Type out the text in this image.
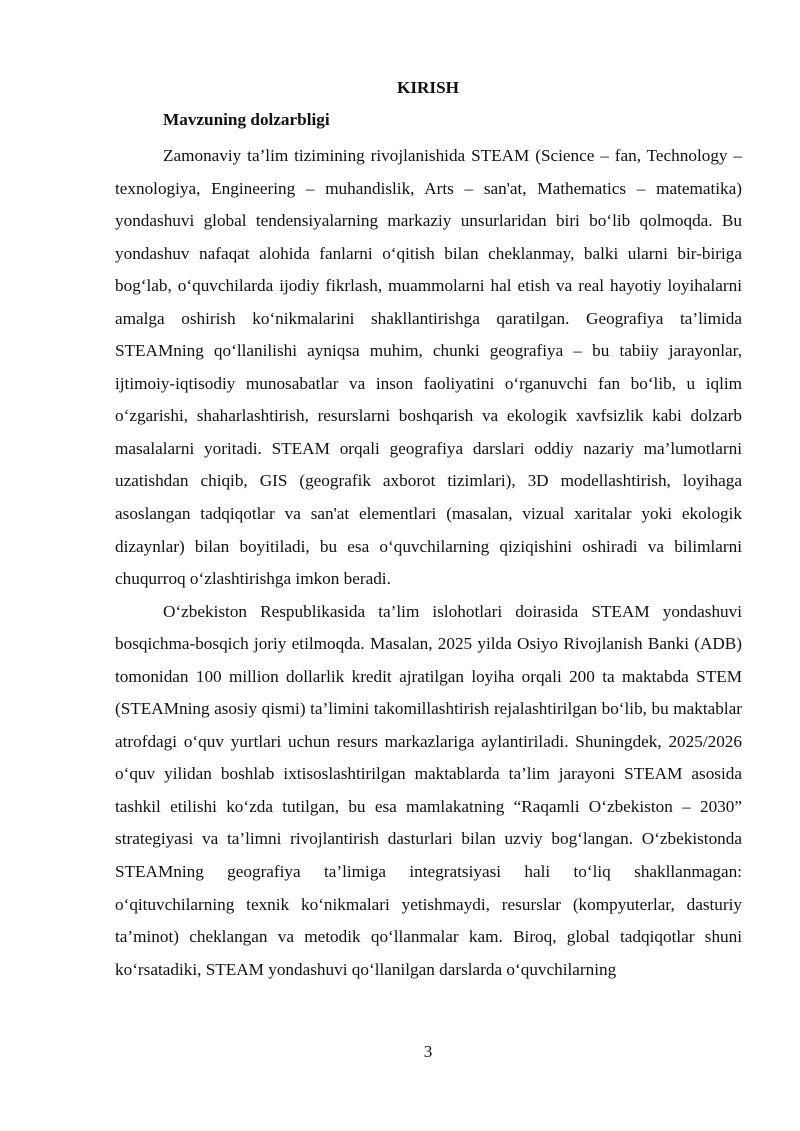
KIRISH
Mavzuning dolzarbligi

Zamonaviy ta’lim tizimining rivojlanishida STEAM (Science – fan, Technology – texnologiya, Engineering – muhandislik, Arts – san'at, Mathematics – matematika) yondashuvi global tendensiyalarning markaziy unsurlaridan biri bo‘lib qolmoqda. Bu yondashuv nafaqat alohida fanlarni o‘qitish bilan cheklanmay, balki ularni bir-biriga bog‘lab, o‘quvchilarda ijodiy fikrlash, muammolarni hal etish va real hayotiy loyihalarni amalga oshirish ko‘nikmalarini shakllantirishga qaratilgan. Geografiya ta’limida STEAMning qo‘llanilishi ayniqsa muhim, chunki geografiya – bu tabiiy jarayonlar, ijtimoiy-iqtisodiy munosabatlar va inson faoliyatini o‘rganuvchi fan bo‘lib, u iqlim o‘zgarishi, shaharlashtirish, resurslarni boshqarish va ekologik xavfsizlik kabi dolzarb masalalarni yoritadi. STEAM orqali geografiya darslari oddiy nazariy ma’lumotlarni uzatishdan chiqib, GIS (geografik axborot tizimlari), 3D modellashtirish, loyihaga asoslangan tadqiqotlar va san'at elementlari (masalan, vizual xaritalar yoki ekologik dizaynlar) bilan boyitiladi, bu esa o‘quvchilarning qiziqishini oshiradi va bilimlarni chuqurroq o‘zlashtirishga imkon beradi.

O‘zbekiston Respublikasida ta’lim islohotlari doirasida STEAM yondashuvi bosqichma-bosqich joriy etilmoqda. Masalan, 2025 yilda Osiyo Rivojlanish Banki (ADB) tomonidan 100 million dollarlik kredit ajratilgan loyiha orqali 200 ta maktabda STEM (STEAMning asosiy qismi) ta’limini takomillashtirish rejalashtirilgan bo‘lib, bu maktablar atrofdagi o‘quv yurtlari uchun resurs markazlariga aylantiriladi. Shuningdek, 2025/2026 o‘quv yilidan boshlab ixtisoslashtirilgan maktablarda ta’lim jarayoni STEAM asosida tashkil etilishi ko‘zda tutilgan, bu esa mamlakatning “Raqamli O‘zbekiston – 2030” strategiyasi va ta’limni rivojlantirish dasturlari bilan uzviy bog‘langan. O‘zbekistonda STEAMning geografiya ta’limiga integratsiyasi hali to‘liq shakllanmagan: o‘qituvchilarning texnik ko‘nikmalari yetishmaydi, resurslar (kompyuterlar, dasturiy ta’minot) cheklangan va metodik qo‘llanmalar kam. Biroq, global tadqiqotlar shuni ko‘rsatadiki, STEAM yondashuvi qo‘llanilgan darslarda o‘quvchilarning

3
